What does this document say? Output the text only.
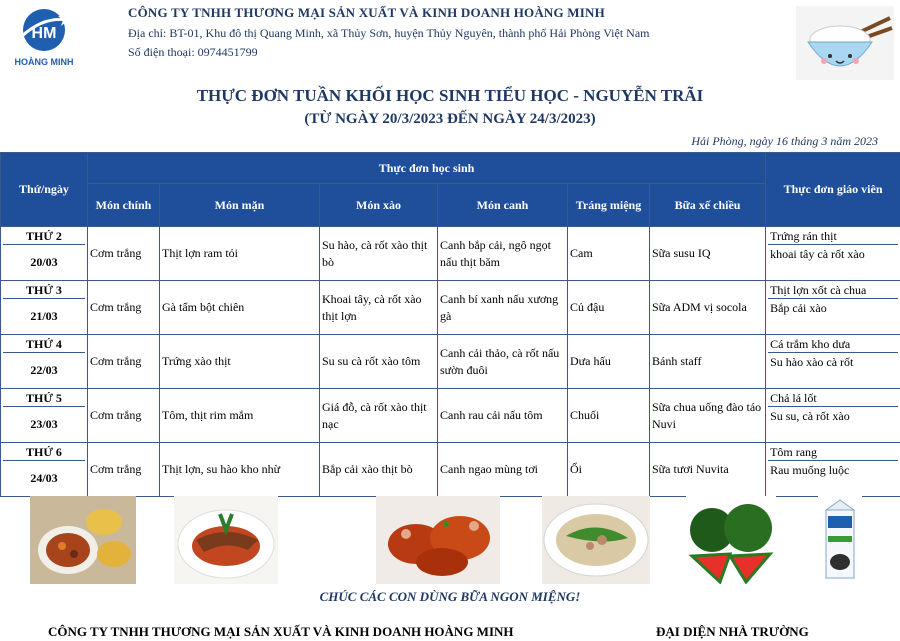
HM
HOÀNG MINH
CÔNG TY TNHH THƯƠNG MẠI SẢN XUẤT VÀ KINH DOANH HOÀNG MINH
Địa chỉ: BT-01, Khu đô thị Quang Minh, xã Thủy Sơn, huyện Thủy Nguyên, thành phố Hải Phòng Việt Nam
Số điện thoại: 0974451799
THỰC ĐƠN TUẦN KHỐI HỌC SINH TIỂU HỌC - NGUYỄN TRÃI
(TỪ NGÀY 20/3/2023 ĐẾN NGÀY 24/3/2023)
Hải Phòng, ngày 16 tháng 3 năm 2023
Thứ/ngày	Thực đơn học sinh						Thực đơn giáo viên
	Món chính	Món mặn	Món xào	Món canh	Tráng miệng	Bữa xế chiều	

THỨ 2
20/03	Cơm trắng	Thịt lợn ram tỏi	Su hào, cà rốt xào thịt bò	Canh bắp cải, ngô ngọt nấu thịt băm	Cam	Sữa susu IQ	Trứng rán thịt
khoai tây cà rốt xào

THỨ 3
21/03	Cơm trắng	Gà tẩm bột chiên	Khoai tây, cà rốt xào thịt lợn	Canh bí xanh nấu xương gà	Củ đậu	Sữa ADM vị socola	Thịt lợn xốt cà chua
Bắp cải xào

THỨ 4
22/03	Cơm trắng	Trứng xào thịt	Su su cà rốt xào tôm	Canh cải thảo, cà rốt nấu sườn đuôi	Dưa hấu	Bánh staff	Cá trắm kho dưa
Su hào xào cà rốt

THỨ 5
23/03	Cơm trắng	Tôm, thịt rim mắm	Giá đỗ, cà rốt xào thịt nạc	Canh rau cải nấu tôm	Chuối	Sữa chua uống đào táo Nuvi	Chả lá lốt
Su su, cà rốt xào

THỨ 6
24/03	Cơm trắng	Thịt lợn, su hào kho nhừ	Bắp cải xào thịt bò	Canh ngao mùng tơi	Ổi	Sữa tươi Nuvita	Tôm rang
Rau muống luộc
CHÚC CÁC CON DÙNG BỮA NGON MIỆNG!
CÔNG TY TNHH THƯƠNG MẠI SẢN XUẤT VÀ KINH DOANH HOÀNG MINH	ĐẠI DIỆN NHÀ TRƯỜNG
